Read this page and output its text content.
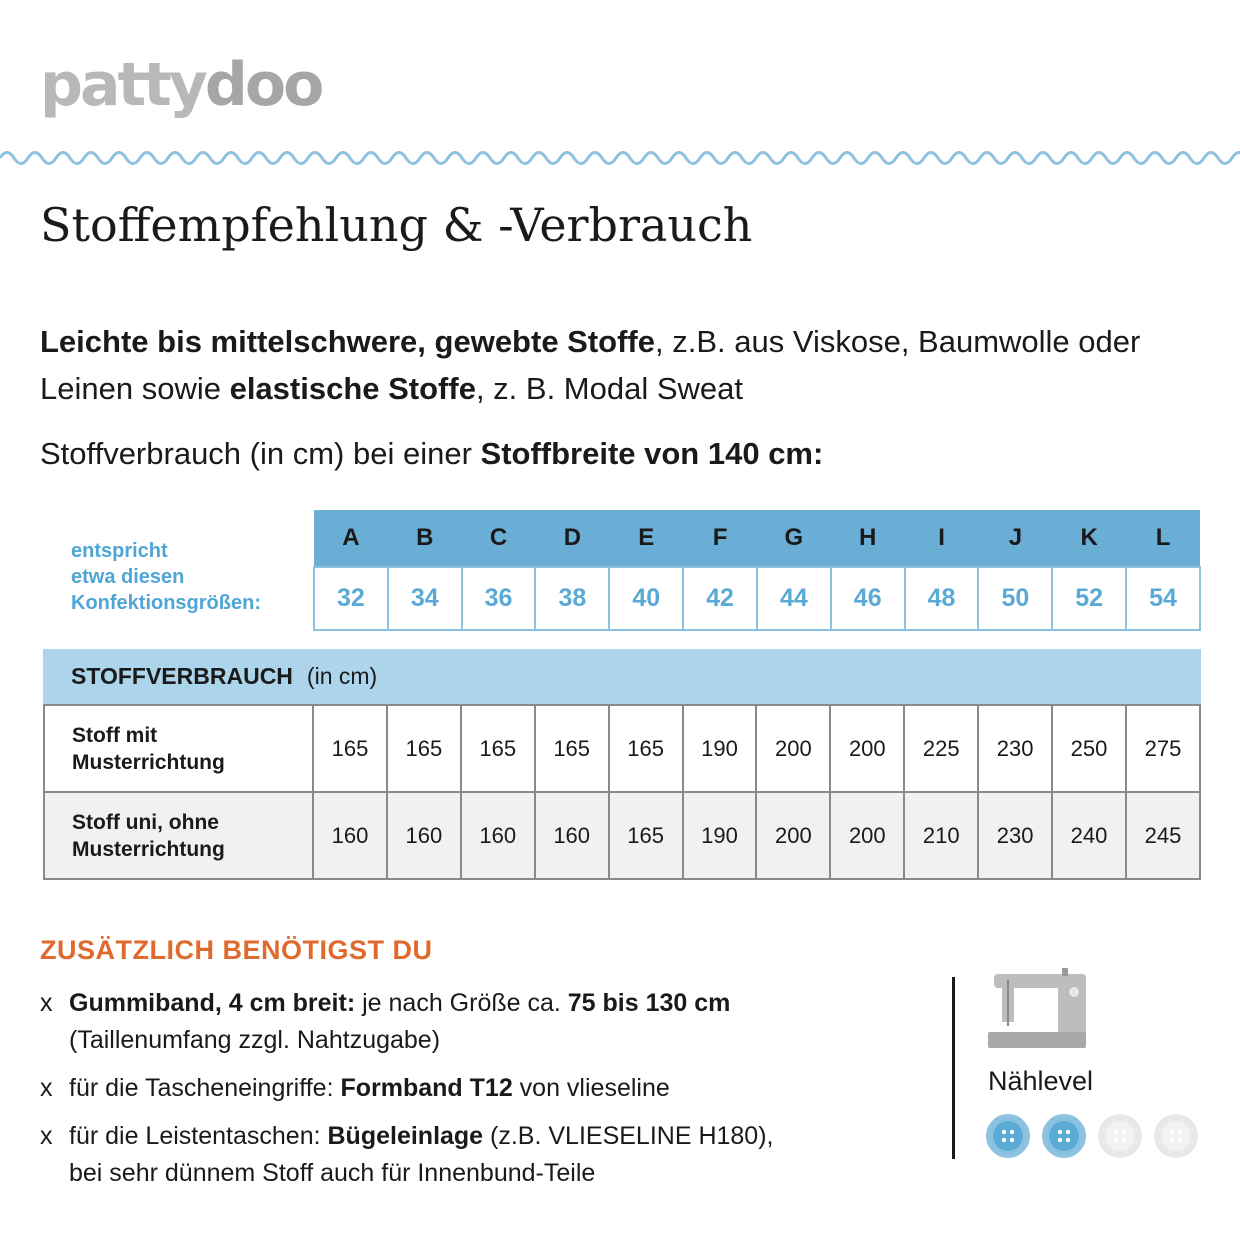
pattydoo
Stoffempfehlung & -Verbrauch
Leichte bis mittelschwere, gewebte Stoffe, z.B. aus Viskose, Baumwolle oder Leinen sowie elastische Stoffe, z. B. Modal Sweat
Stoffverbrauch (in cm) bei einer Stoffbreite von 140 cm:
entspricht
etwa diesen
Konfektionsgrößen:
A	B	C	D	E	F	G	H	I	J	K	L
32	34	36	38	40	42	44	46	48	50	52	54
STOFFVERBRAUCH (in cm)
Stoff mit
Musterrichtung	165	165	165	165	165	190	200	200	225	230	250	275

Stoff uni, ohne
Musterrichtung	160	160	160	160	165	190	200	200	210	230	240	245
ZUSÄTZLICH BENÖTIGST DU
x Gummiband, 4 cm breit: je nach Größe ca. 75 bis 130 cm
(Taillenumfang zzgl. Nahtzugabe)
x für die Tascheneingriffe: Formband T12 von vlieseline
x für die Leistentaschen: Bügeleinlage (z.B. VLIESELINE H180),
bei sehr dünnem Stoff auch für Innenbund-Teile
Nählevel
